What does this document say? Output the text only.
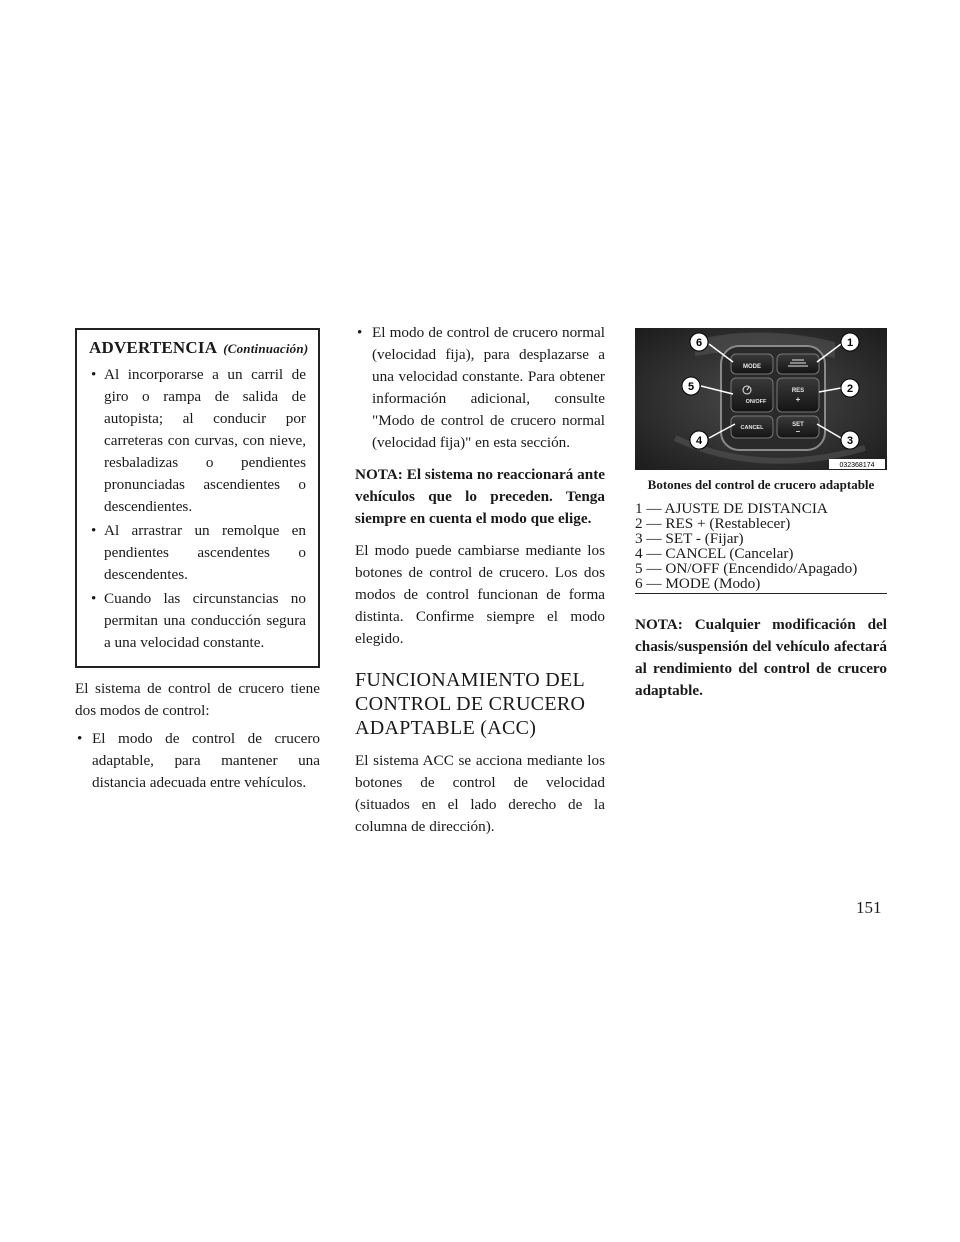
ADVERTENCIA (Continuación)
• Al incorporarse a un carril de giro o rampa de salida de autopista; al conducir por carreteras con curvas, con nieve, resbaladizas o pendientes pronunciadas ascendientes o descendientes.
• Al arrastrar un remolque en pendientes ascendentes o descendentes.
• Cuando las circunstancias no permitan una conducción segura a una velocidad constante.

El sistema de control de crucero tiene dos modos de control:

• El modo de control de crucero adaptable, para mantener una distancia adecuada entre vehículos.
• El modo de control de crucero normal (velocidad fija), para desplazarse a una velocidad constante. Para obtener información adicional, consulte "Modo de control de crucero normal (velocidad fija)" en esta sección.

NOTA: El sistema no reaccionará ante vehículos que lo preceden. Tenga siempre en cuenta el modo que elige.

El modo puede cambiarse mediante los botones de control de crucero. Los dos modos de control funcionan de forma distinta. Confirme siempre el modo elegido.

FUNCIONAMIENTO DEL CONTROL DE CRUCERO ADAPTABLE (ACC)

El sistema ACC se acciona mediante los botones de control de velocidad (situados en el lado derecho de la columna de dirección).

MODE
ON/OFF
RES
+
CANCEL	SET
–
6
5
4
1
2
3
032368174
Botones del control de crucero adaptable
1 — AJUSTE DE DISTANCIA
2 — RES + (Restablecer)
3 — SET - (Fijar)
4 — CANCEL (Cancelar)
5 — ON/OFF (Encendido/Apagado)
6 — MODE (Modo)
NOTA: Cualquier modificación del chasis/suspensión del vehículo afectará al rendimiento del control de crucero adaptable.
151
